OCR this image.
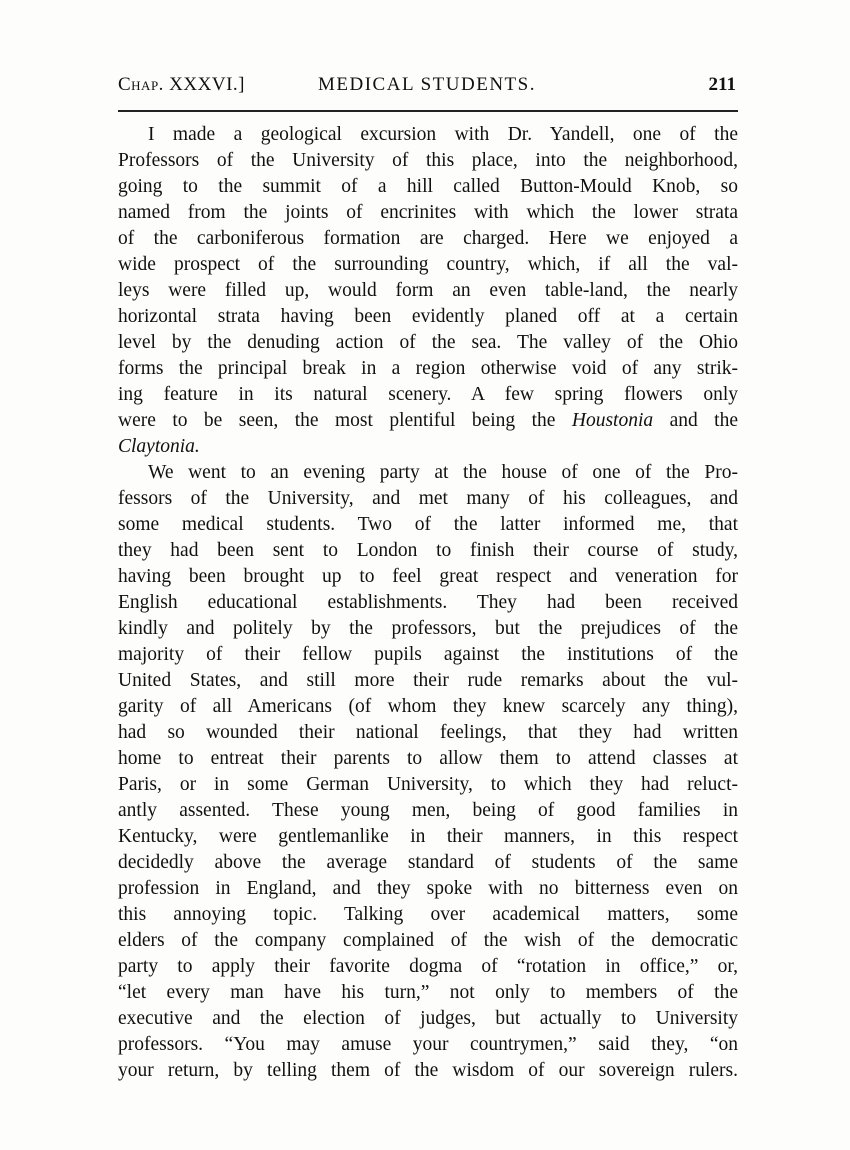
Chap. XXXVI.]	MEDICAL STUDENTS.	211
I made a geological excursion with Dr. Yandell, one of the
Professors of the University of this place, into the neighborhood,
going to the summit of a hill called Button-Mould Knob, so
named from the joints of encrinites with which the lower strata
of the carboniferous formation are charged. Here we enjoyed a
wide prospect of the surrounding country, which, if all the val-
leys were filled up, would form an even table-land, the nearly
horizontal strata having been evidently planed off at a certain
level by the denuding action of the sea. The valley of the Ohio
forms the principal break in a region otherwise void of any strik-
ing feature in its natural scenery. A few spring flowers only
were to be seen, the most plentiful being the Houstonia and the
Claytonia.
We went to an evening party at the house of one of the Pro-
fessors of the University, and met many of his colleagues, and
some medical students. Two of the latter informed me, that
they had been sent to London to finish their course of study,
having been brought up to feel great respect and veneration for
English educational establishments. They had been received
kindly and politely by the professors, but the prejudices of the
majority of their fellow pupils against the institutions of the
United States, and still more their rude remarks about the vul-
garity of all Americans (of whom they knew scarcely any thing),
had so wounded their national feelings, that they had written
home to entreat their parents to allow them to attend classes at
Paris, or in some German University, to which they had reluct-
antly assented. These young men, being of good families in
Kentucky, were gentlemanlike in their manners, in this respect
decidedly above the average standard of students of the same
profession in England, and they spoke with no bitterness even on
this annoying topic. Talking over academical matters, some
elders of the company complained of the wish of the democratic
party to apply their favorite dogma of “rotation in office,” or,
“let every man have his turn,” not only to members of the
executive and the election of judges, but actually to University
professors. “You may amuse your countrymen,” said they, “on
your return, by telling them of the wisdom of our sovereign rulers.
